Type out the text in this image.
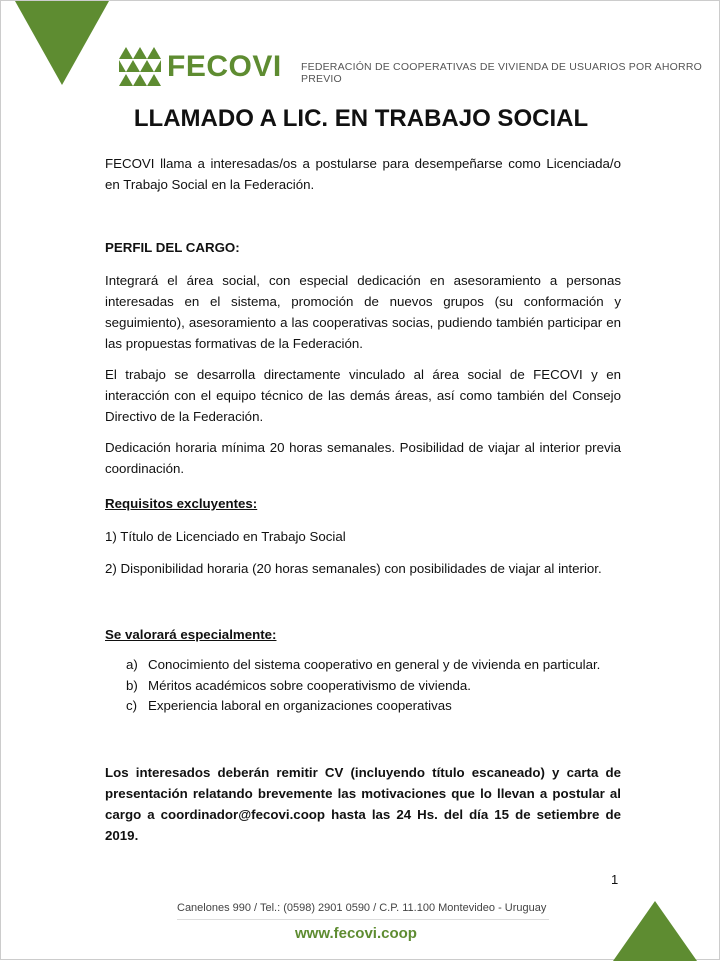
FECOVI FEDERACIÓN DE COOPERATIVAS DE VIVIENDA DE USUARIOS POR AHORRO PREVIO
LLAMADO A LIC. EN TRABAJO SOCIAL
FECOVI llama a interesadas/os a postularse para desempeñarse como Licenciada/o en Trabajo Social en la Federación.
PERFIL DEL CARGO:
Integrará el área social, con especial dedicación en asesoramiento a personas interesadas en el sistema, promoción de nuevos grupos (su conformación y seguimiento), asesoramiento a las cooperativas socias, pudiendo también participar en las propuestas formativas de la Federación.
El trabajo se desarrolla directamente vinculado al área social de FECOVI y en interacción con el equipo técnico de las demás áreas, así como también del Consejo Directivo de la Federación.
Dedicación horaria mínima 20 horas semanales. Posibilidad de viajar al interior previa coordinación.
Requisitos excluyentes:
1) Título de Licenciado en Trabajo Social
2) Disponibilidad horaria (20 horas semanales) con posibilidades de viajar al interior.
Se valorará especialmente:
a) Conocimiento del sistema cooperativo en general y de vivienda en particular.
b) Méritos académicos sobre cooperativismo de vivienda.
c) Experiencia laboral en organizaciones cooperativas
Los interesados deberán remitir CV (incluyendo título escaneado) y carta de presentación relatando brevemente las motivaciones que lo llevan a postular al cargo a coordinador@fecovi.coop hasta las 24 Hs. del día 15 de setiembre de 2019.
1
Canelones 990 / Tel.: (0598) 2901 0590 / C.P. 11.100 Montevideo - Uruguay
www.fecovi.coop
